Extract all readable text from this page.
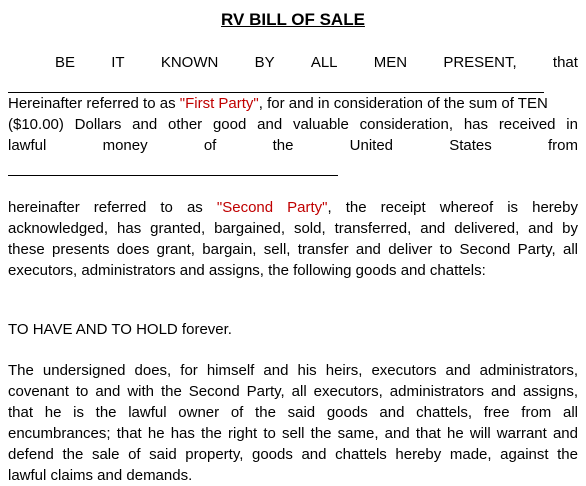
RV BILL OF SALE
BE IT KNOWN BY ALL MEN PRESENT, that
Hereinafter referred to as "First Party", for and in consideration of the sum of TEN
($10.00) Dollars and other good and valuable consideration, has received in
lawful	money	of	the	United	States	from
hereinafter referred to as "Second Party", the receipt whereof is hereby
acknowledged, has granted, bargained, sold, transferred, and delivered, and by
these presents does grant, bargain, sell, transfer and deliver to Second Party, all
executors, administrators and assigns, the following goods and chattels:
TO HAVE AND TO HOLD forever.
The undersigned does, for himself and his heirs, executors and administrators,
covenant to and with the Second Party, all executors, administrators and assigns,
that he is the lawful owner of the said goods and chattels, free from all
encumbrances; that he has the right to sell the same, and that he will warrant and
defend the sale of said property, goods and chattels hereby made, against the
lawful claims and demands.
